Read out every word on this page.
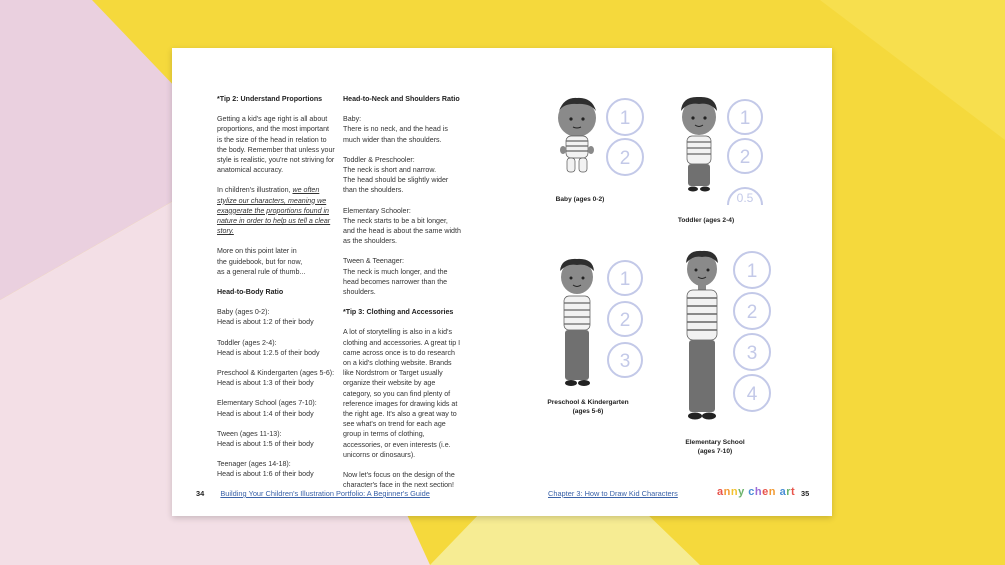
*Tip 2: Understand Proportions

Getting a kid's age right is all about proportions, and the most important is the size of the head in relation to the body. Remember that unless your style is realistic, you're not striving for anatomical accuracy.

In children's illustration, we often stylize our characters, meaning we exaggerate the proportions found in nature in order to help us tell a clear story.

More on this point later in
the guidebook, but for now,
as a general rule of thumb...

Head-to-Body Ratio

Baby (ages 0-2):
Head is about 1:2 of their body

Toddler (ages 2-4):
Head is about 1:2.5 of their body

Preschool & Kindergarten (ages 5-6):
Head is about 1:3 of their body

Elementary School (ages 7-10):
Head is about 1:4 of their body

Tween (ages 11-13):
Head is about 1:5 of their body

Teenager (ages 14-18):
Head is about 1:6 of their body

Head-to-Neck and Shoulders Ratio

Baby:
There is no neck, and the head is much wider than the shoulders.

Toddler & Preschooler:
The neck is short and narrow.
The head should be slightly wider than the shoulders.

Elementary Schooler:
The neck starts to be a bit longer,
and the head is about the same width as the shoulders.

Tween & Teenager:
The neck is much longer, and the head becomes narrower than the shoulders.

*Tip 3: Clothing and Accessories

A lot of storytelling is also in a kid's clothing and accessories. A great tip I came across once is to do research on a kid's clothing website. Brands like Nordstrom or Target usually organize their website by age category, so you can find plenty of reference images for drawing kids at the right age. It's also a great way to see what's on trend for each age group in terms of clothing, accessories, or even interests (i.e. unicorns or dinosaurs).

Now let's focus on the design of the character's face in the next section!

34 Building Your Children's Illustration Portfolio: A Beginner's Guide	Chapter 3: How to Draw Kid Characters	anny chen art 35
1
2
Baby (ages 0-2)
1
2
0.5
Toddler (ages 2-4)
1
2
3
Preschool & Kindergarten
(ages 5-6)
1
2
3
4
Elementary School
(ages 7-10)
